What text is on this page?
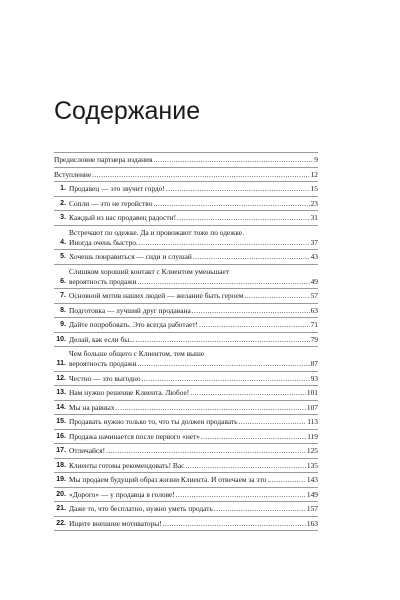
Содержание
Предисловие партнера издания .....	9
Вступление .....	12
1. Продавец — это звучит гордо! .....	15
2. Сопли — это не геройство .....	23
3. Каждый из нас продавец радости! .....	31
4.
Встречают по одежке. Да и провожают тоже по одежке.
Иногда очень быстро. .....	37
5. Хочешь понравиться — сиди и слушай .....	43
6.
Слишком хороший контакт с Клиентом уменьшает
вероятность продажи .....	49
7. Основной мотив наших людей — желание быть героем .....	57
8. Подготовка — лучший друг продавана .....	63
9. Дайте попробовать. Это всегда работает! .....	71
10. Делай, как если бы... .....	79
11.
Чем больше общего с Клиентом, тем выше
вероятность продажи .....	87
12. Честно — это выгодно .....	93
13. Нам нужно решение Клиента. Любое! .....	101
14. Мы на равных .....	107
15. Продавать нужно только то, что ты должен продавать .....	113
16. Продажа начинается после первого «нет» .....	119
17. Отличайся! .....	125
18. Клиенты готовы рекомендовать! Вас .....	135
19. Мы продаем будущий образ жизни Клиента. И отвечаем за это .....	143
20. «Дорого» — у продавца в голове! .....	149
21. Даже то, что бесплатно, нужно уметь продать .....	157
22. Ищите внешние мотиваторы! .....	163
